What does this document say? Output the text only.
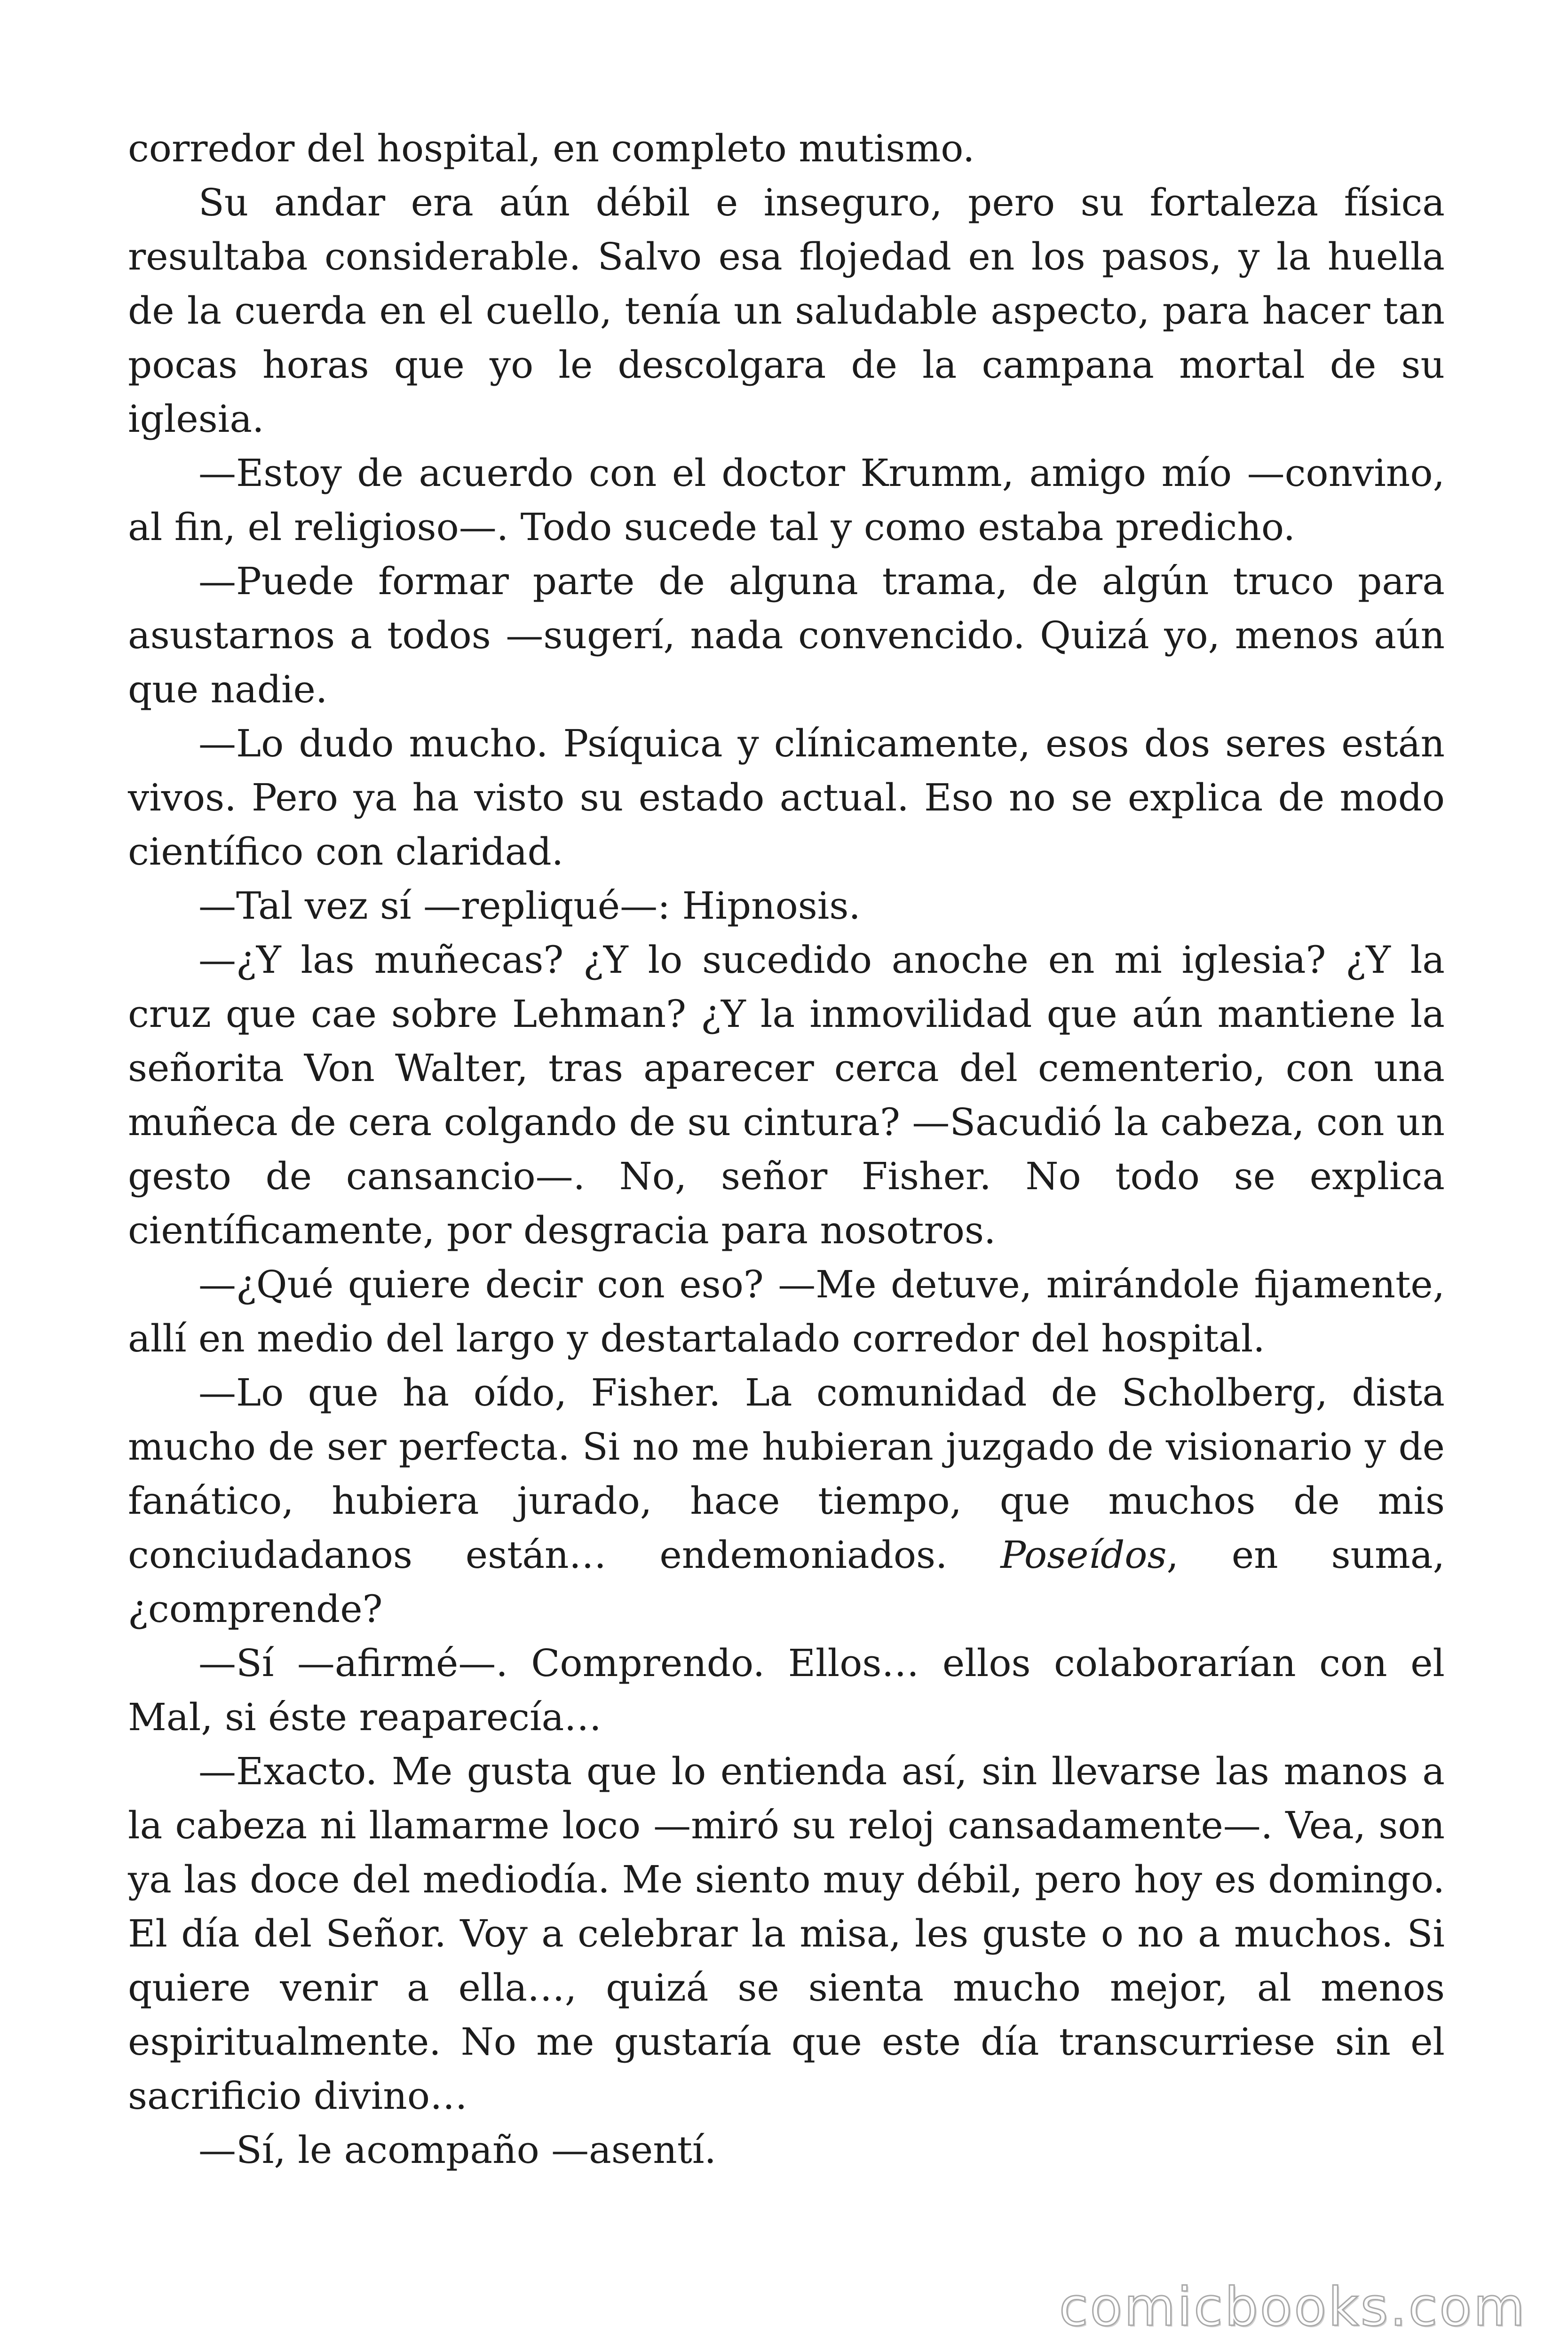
corredor del hospital, en completo mutismo.

Su andar era aún débil e inseguro, pero su fortaleza física resultaba considerable. Salvo esa flojedad en los pasos, y la huella de la cuerda en el cuello, tenía un saludable aspecto, para hacer tan pocas horas que yo le descolgara de la campana mortal de su iglesia.

—Estoy de acuerdo con el doctor Krumm, amigo mío —convino, al fin, el religioso—. Todo sucede tal y como estaba predicho.

—Puede formar parte de alguna trama, de algún truco para asustarnos a todos —sugerí, nada convencido. Quizá yo, menos aún que nadie.

—Lo dudo mucho. Psíquica y clínicamente, esos dos seres están vivos. Pero ya ha visto su estado actual. Eso no se explica de modo científico con claridad.

—Tal vez sí —repliqué—: Hipnosis.

—¿Y las muñecas? ¿Y lo sucedido anoche en mi iglesia? ¿Y la cruz que cae sobre Lehman? ¿Y la inmovilidad que aún mantiene la señorita Von Walter, tras aparecer cerca del cementerio, con una muñeca de cera colgando de su cintura? —Sacudió la cabeza, con un gesto de cansancio—. No, señor Fisher. No todo se explica científicamente, por desgracia para nosotros.

—¿Qué quiere decir con eso? —Me detuve, mirándole fijamente, allí en medio del largo y destartalado corredor del hospital.

—Lo que ha oído, Fisher. La comunidad de Scholberg, dista mucho de ser perfecta. Si no me hubieran juzgado de visionario y de fanático, hubiera jurado, hace tiempo, que muchos de mis conciudadanos están… endemoniados. Poseídos, en suma, ¿comprende?

—Sí —afirmé—. Comprendo. Ellos… ellos colaborarían con el Mal, si éste reaparecía…

—Exacto. Me gusta que lo entienda así, sin llevarse las manos a la cabeza ni llamarme loco —miró su reloj cansadamente—. Vea, son ya las doce del mediodía. Me siento muy débil, pero hoy es domingo. El día del Señor. Voy a celebrar la misa, les guste o no a muchos. Si quiere venir a ella…, quizá se sienta mucho mejor, al menos espiritualmente. No me gustaría que este día transcurriese sin el sacrificio divino…

—Sí, le acompaño —asentí.

comicbooks.com
